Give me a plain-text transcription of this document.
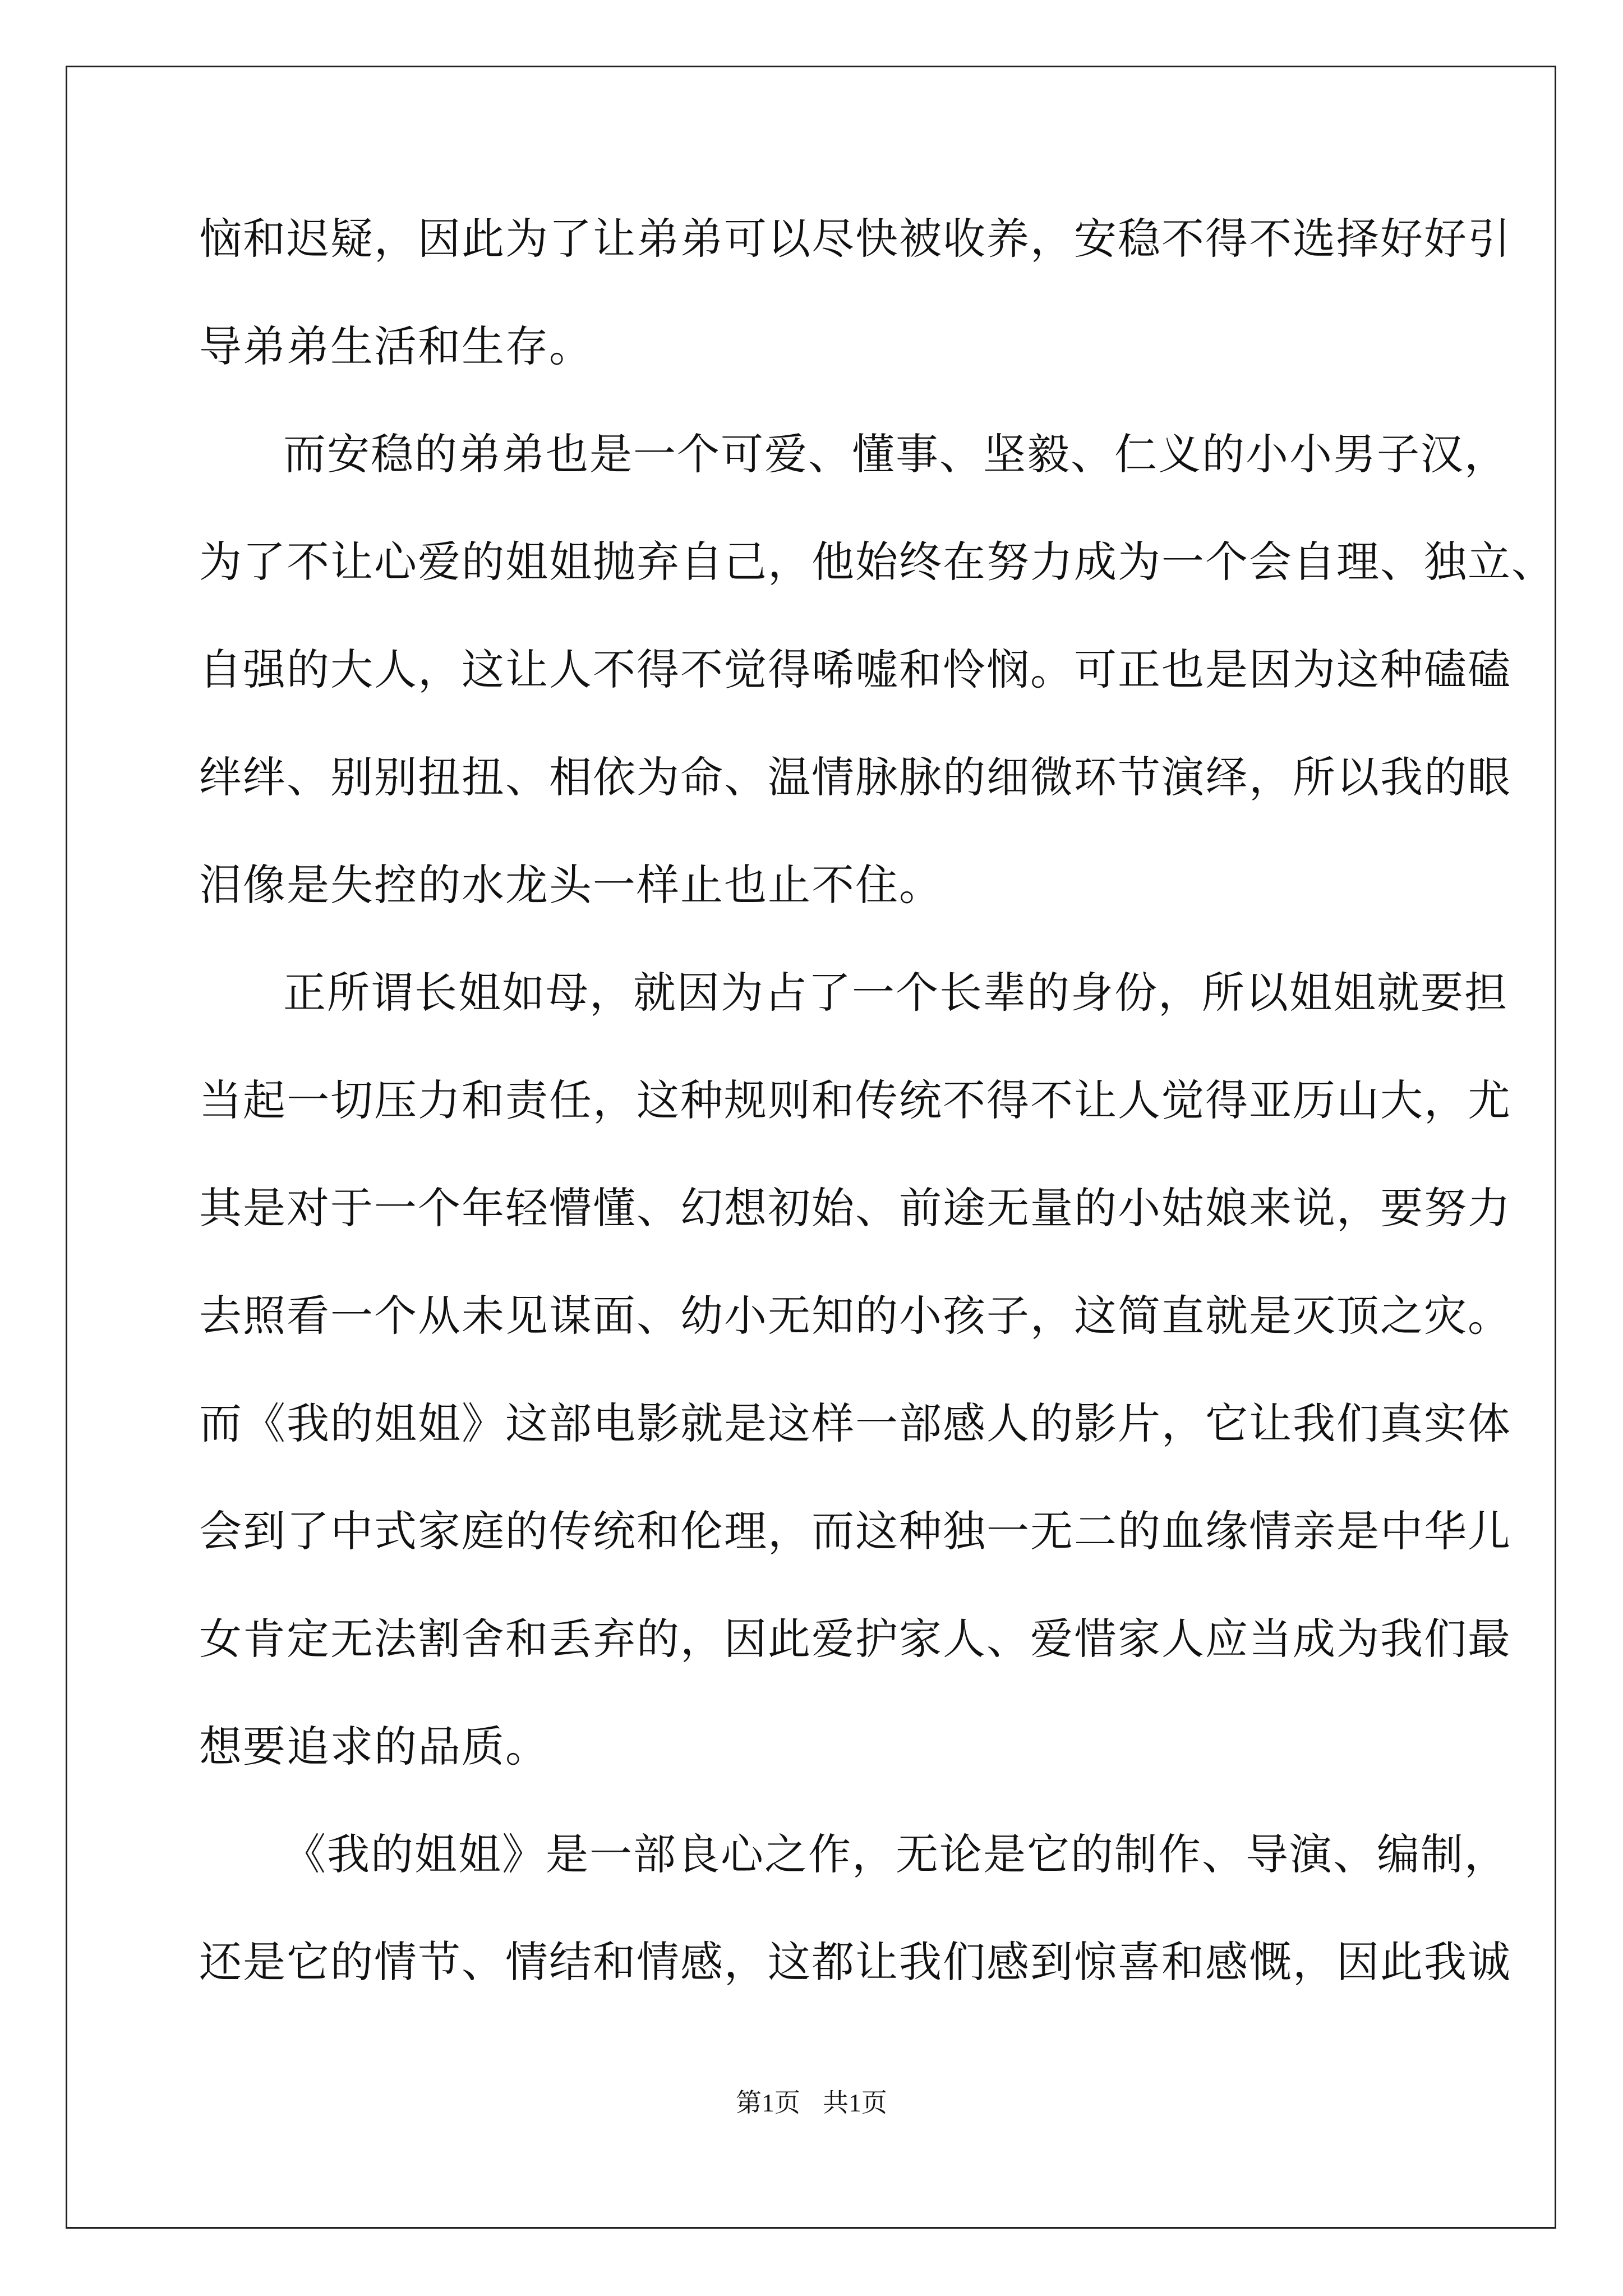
恼和迟疑，因此为了让弟弟可以尽快被收养，安稳不得不选择好好引
导弟弟生活和生存。
而安稳的弟弟也是一个可爱、懂事、坚毅、仁义的小小男子汉，
为了不让心爱的姐姐抛弃自己，他始终在努力成为一个会自理、独立、
自强的大人，这让人不得不觉得唏嘘和怜悯。可正也是因为这种磕磕
绊绊、别别扭扭、相依为命、温情脉脉的细微环节演绎，所以我的眼
泪像是失控的水龙头一样止也止不住。
正所谓长姐如母，就因为占了一个长辈的身份，所以姐姐就要担
当起一切压力和责任，这种规则和传统不得不让人觉得亚历山大，尤
其是对于一个年轻懵懂、幻想初始、前途无量的小姑娘来说，要努力
去照看一个从未见谋面、幼小无知的小孩子，这简直就是灭顶之灾。
而《我的姐姐》这部电影就是这样一部感人的影片，它让我们真实体
会到了中式家庭的传统和伦理，而这种独一无二的血缘情亲是中华儿
女肯定无法割舍和丢弃的，因此爱护家人、爱惜家人应当成为我们最
想要追求的品质。
《我的姐姐》是一部良心之作，无论是它的制作、导演、编制，
还是它的情节、情结和情感，这都让我们感到惊喜和感慨，因此我诚
第1页 共1页
